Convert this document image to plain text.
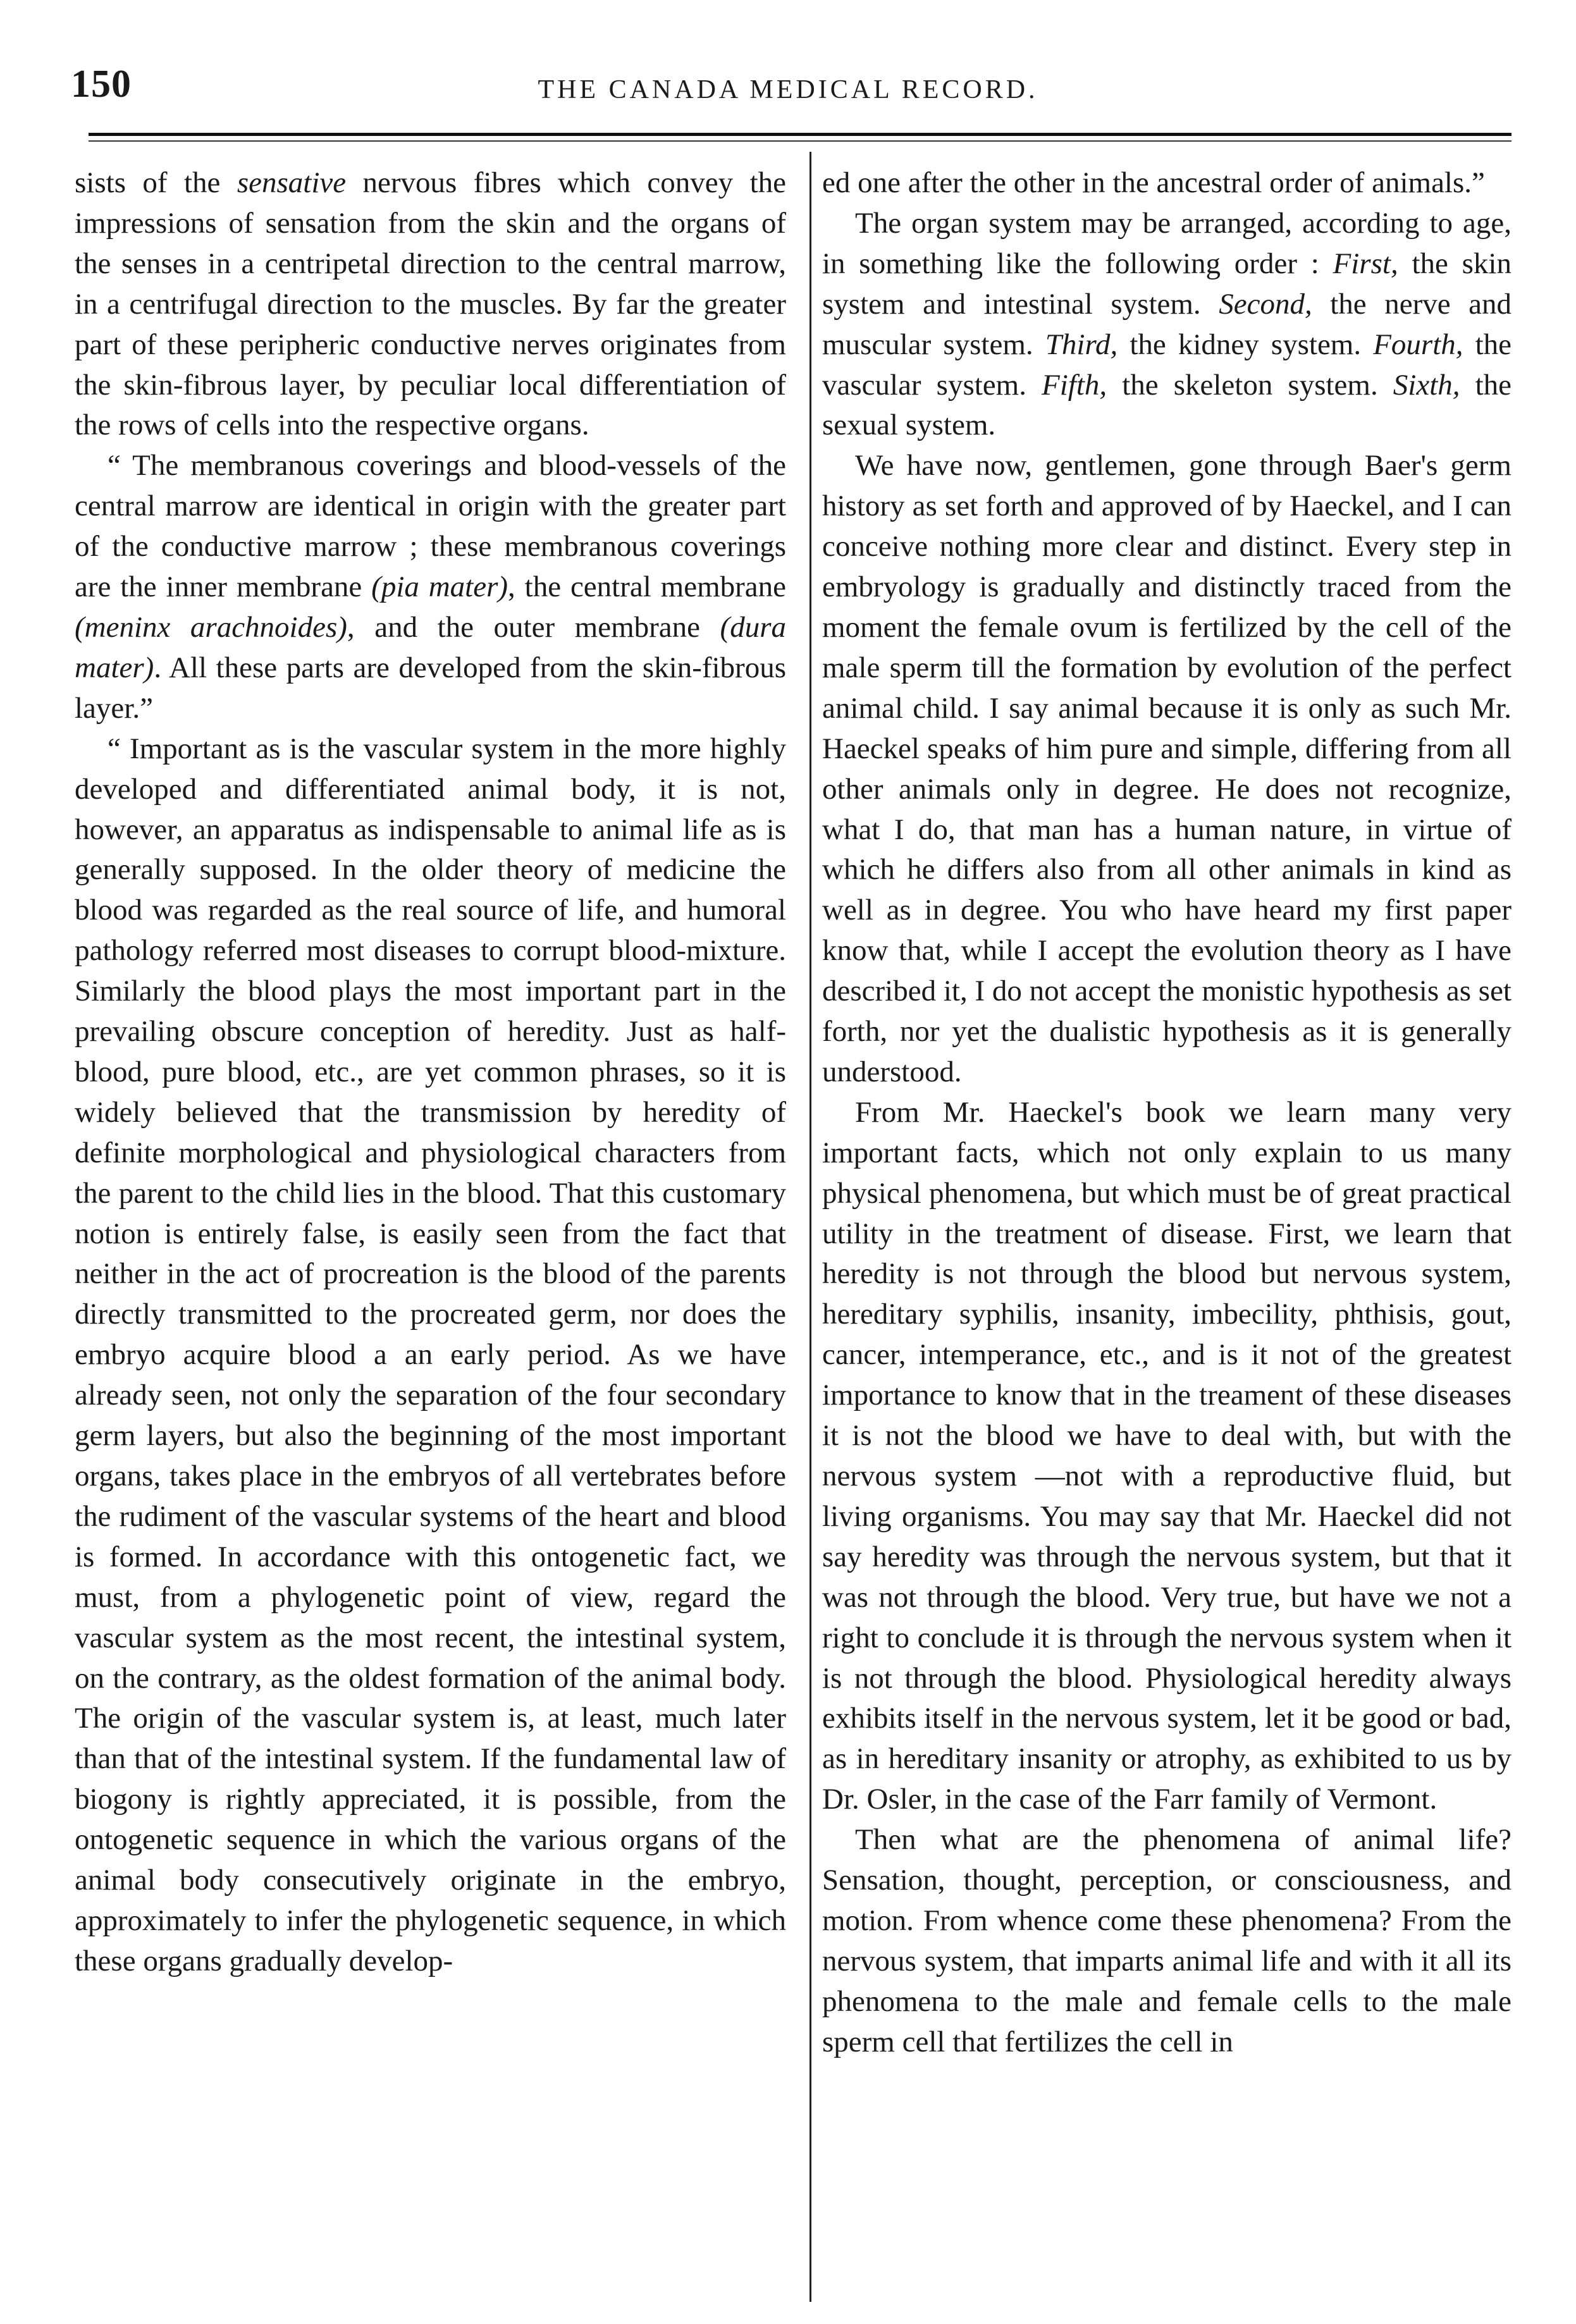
150	THE CANADA MEDICAL RECORD.

sists of the sensative nervous fibres which convey the impressions of sensation from the skin and the organs of the senses in a centripetal direction to the central marrow, in a centrifugal direction to the muscles. By far the greater part of these peripheric conductive nerves originates from the skin-fibrous layer, by peculiar local differentiation of the rows of cells into the respective organs.

“ The membranous coverings and blood-vessels of the central marrow are identical in origin with the greater part of the conductive marrow ; these membranous coverings are the inner membrane (pia mater), the central membrane (meninx arachnoides), and the outer membrane (dura mater). All these parts are developed from the skin-fibrous layer.”

“ Important as is the vascular system in the more highly developed and differentiated animal body, it is not, however, an apparatus as indispensable to animal life as is generally supposed. In the older theory of medicine the blood was regarded as the real source of life, and humoral pathology referred most diseases to corrupt blood-mixture. Similarly the blood plays the most important part in the prevailing obscure conception of heredity. Just as half-blood, pure blood, etc., are yet common phrases, so it is widely believed that the transmission by heredity of definite morphological and physiological characters from the parent to the child lies in the blood. That this customary notion is entirely false, is easily seen from the fact that neither in the act of procreation is the blood of the parents directly transmitted to the procreated germ, nor does the embryo acquire blood a an early period. As we have already seen, not only the separation of the four secondary germ layers, but also the beginning of the most important organs, takes place in the embryos of all vertebrates before the rudiment of the vascular systems of the heart and blood is formed. In accordance with this ontogenetic fact, we must, from a phylogenetic point of view, regard the vascular system as the most recent, the intestinal system, on the contrary, as the oldest formation of the animal body. The origin of the vascular system is, at least, much later than that of the intestinal system. If the fundamental law of biogony is rightly appreciated, it is possible, from the ontogenetic sequence in which the various organs of the animal body consecutively originate in the embryo, approximately to infer the phylogenetic sequence, in which these organs gradually develop-

ed one after the other in the ancestral order of animals.”

The organ system may be arranged, according to age, in something like the following order : First, the skin system and intestinal system. Second, the nerve and muscular system. Third, the kidney system. Fourth, the vascular system. Fifth, the skeleton system. Sixth, the sexual system.

We have now, gentlemen, gone through Baer's germ history as set forth and approved of by Haeckel, and I can conceive nothing more clear and distinct. Every step in embryology is gradually and distinctly traced from the moment the female ovum is fertilized by the cell of the male sperm till the formation by evolution of the perfect animal child. I say animal because it is only as such Mr. Haeckel speaks of him pure and simple, differing from all other animals only in degree. He does not recognize, what I do, that man has a human nature, in virtue of which he differs also from all other animals in kind as well as in degree. You who have heard my first paper know that, while I accept the evolution theory as I have described it, I do not accept the monistic hypothesis as set forth, nor yet the dualistic hypothesis as it is generally understood.

From Mr. Haeckel's book we learn many very important facts, which not only explain to us many physical phenomena, but which must be of great practical utility in the treatment of disease. First, we learn that heredity is not through the blood but nervous system, hereditary syphilis, insanity, imbecility, phthisis, gout, cancer, intemperance, etc., and is it not of the greatest importance to know that in the treament of these diseases it is not the blood we have to deal with, but with the nervous system —not with a reproductive fluid, but living organisms. You may say that Mr. Haeckel did not say heredity was through the nervous system, but that it was not through the blood. Very true, but have we not a right to conclude it is through the nervous system when it is not through the blood. Physiological heredity always exhibits itself in the nervous system, let it be good or bad, as in hereditary insanity or atrophy, as exhibited to us by Dr. Osler, in the case of the Farr family of Vermont.

Then what are the phenomena of animal life? Sensation, thought, perception, or consciousness, and motion. From whence come these phenomena? From the nervous system, that imparts animal life and with it all its phenomena to the male and female cells to the male sperm cell that fertilizes the cell in
